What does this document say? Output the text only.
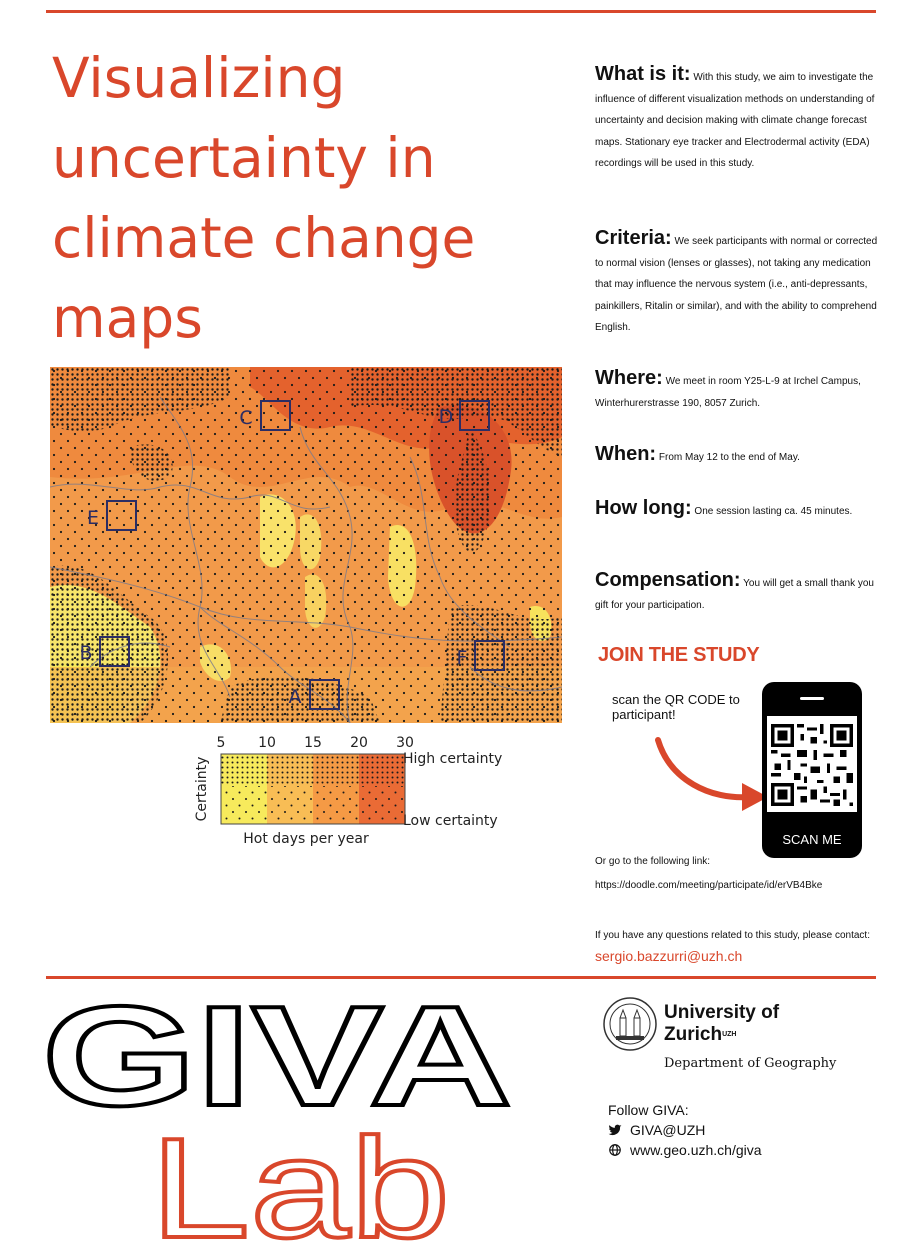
Visualizing
uncertainty in
climate change
maps
C	D
E
B	F
A
5 10 15 20 30
High certainty
Low certainty
Hot days per year
Certainty
What is it: With this study, we aim to investigate the influence of different visualization methods on understanding of uncertainty and decision making with climate change forecast maps. Stationary eye tracker and Electrodermal activity (EDA) recordings will be used in this study.
Criteria: We seek participants with normal or corrected to normal vision (lenses or glasses), not taking any medication that may influence the nervous system (i.e., anti-depressants, painkillers, Ritalin or similar), and with the ability to comprehend English.
Where: We meet in room Y25-L-9 at Irchel Campus, Winterhurerstrasse 190, 8057 Zurich.
When: From May 12 to the end of May.
How long: One session lasting ca. 45 minutes.
Compensation: You will get a small thank you gift for your participation.
JOIN THE STUDY
scan the QR CODE to participant!
SCAN ME
Or go to the following link:
https://doodle.com/meeting/participate/id/erVB4Bke
If you have any questions related to this study, please contact: sergio.bazzurri@uzh.ch
GIVA
Lab
University of
Zurich$^{UZH}$
Department of Geography
Follow GIVA:
GIVA@UZH
www.geo.uzh.ch/giva
